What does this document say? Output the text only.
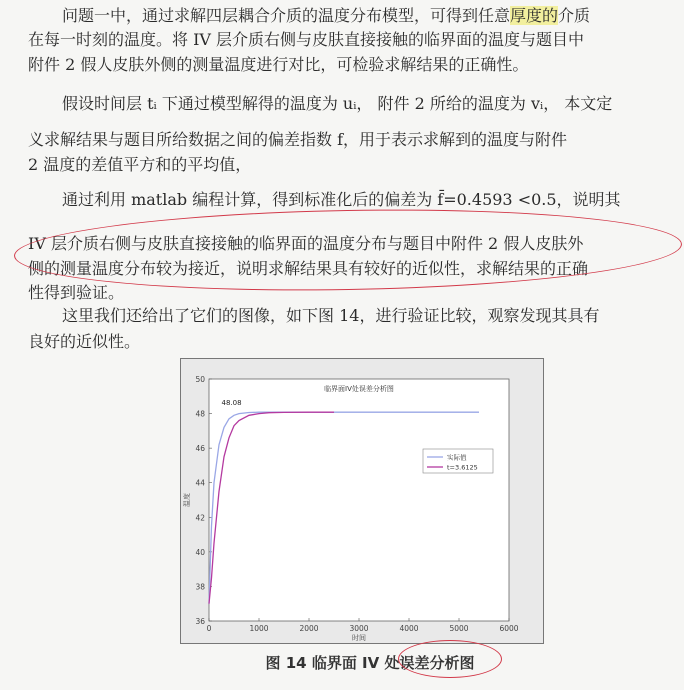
问题一中，通过求解四层耦合介质的温度分布模型，可得到任意厚度的介质
在每一时刻的温度。将 IV 层介质右侧与皮肤直接接触的临界面的温度与题目中
附件 2 假人皮肤外侧的测量温度进行对比，可检验求解结果的正确性。
假设时间层 tᵢ 下通过模型解得的温度为 uᵢ， 附件 2 所给的温度为 vᵢ， 本文定
义求解结果与题目所给数据之间的偏差指数 f，用于表示求解到的温度与附件
2 温度的差值平方和的平均值，
通过利用 matlab 编程计算，得到标准化后的偏差为 f̄=0.4593 <0.5，说明其
IV 层介质右侧与皮肤直接接触的临界面的温度分布与题目中附件 2 假人皮肤外
侧的测量温度分布较为接近，说明求解结果具有较好的近似性，求解结果的正确
性得到验证。
这里我们还给出了它们的图像，如下图 14，进行验证比较，观察发现其具有
良好的近似性。
临界面IV处误差分析图
0	1000	2000	3000	4000	5000	6000
36
38
40
42
44
46
48
50
时间
温度
48.08
实际值
t=3.6125
图 14 临界面 IV 处误差分析图
